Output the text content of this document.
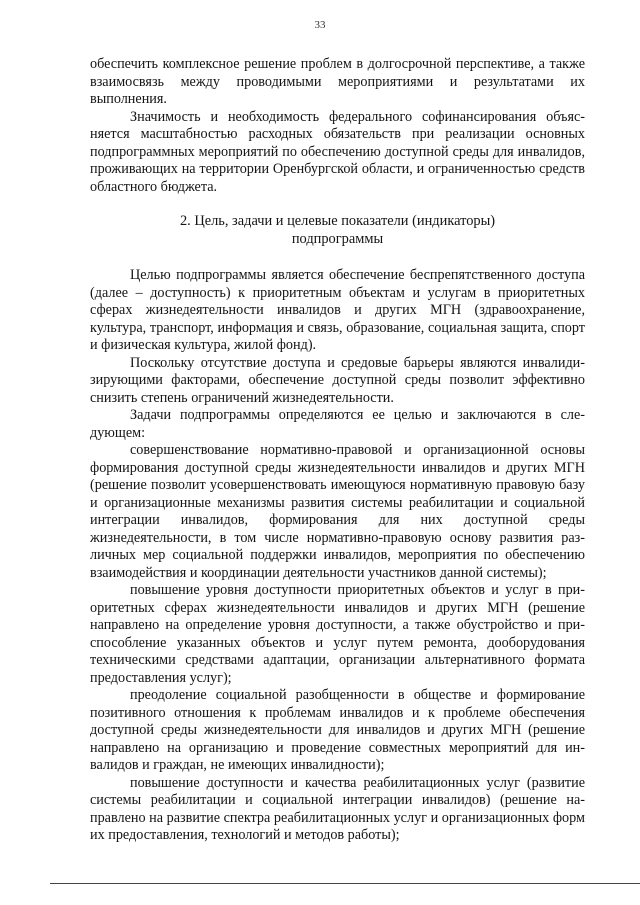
33

обеспечить комплексное решение проблем в долгосрочной перспективе, а также взаимосвязь между проводимыми мероприятиями и результатами их выполнения.

Значимость и необходимость федерального софинансирования объясняется масштабностью расходных обязательств при реализации основных подпрограммных мероприятий по обеспечению доступной среды для инвалидов, проживающих на территории Оренбургской области, и ограниченностью средств областного бюджета.

2. Цель, задачи и целевые показатели (индикаторы)
подпрограммы

Целью подпрограммы является обеспечение беспрепятственного доступа (далее – доступность) к приоритетным объектам и услугам в приоритетных сферах жизнедеятельности инвалидов и других МГН (здравоохранение, культура, транспорт, информация и связь, образование, социальная защита, спорт и физическая культура, жилой фонд).

Поскольку отсутствие доступа и средовые барьеры являются инвалидизирующими факторами, обеспечение доступной среды позволит эффективно снизить степень ограничений жизнедеятельности.

Задачи подпрограммы определяются ее целью и заключаются в следующем:

совершенствование нормативно-правовой и организационной основы формирования доступной среды жизнедеятельности инвалидов и других МГН (решение позволит усовершенствовать имеющуюся нормативную правовую базу и организационные механизмы развития системы реабилитации и социальной интеграции инвалидов, формирования для них доступной среды жизнедеятельности, в том числе нормативно-правовую основу развития различных мер социальной поддержки инвалидов, мероприятия по обеспечению взаимодействия и координации деятельности участников данной системы);

повышение уровня доступности приоритетных объектов и услуг в приоритетных сферах жизнедеятельности инвалидов и других МГН (решение направлено на определение уровня доступности, а также обустройство и приспособление указанных объектов и услуг путем ремонта, дооборудования техническими средствами адаптации, организации альтернативного формата предоставления услуг);

преодоление социальной разобщенности в обществе и формирование позитивного отношения к проблемам инвалидов и к проблеме обеспечения доступной среды жизнедеятельности для инвалидов и других МГН (решение направлено на организацию и проведение совместных мероприятий для инвалидов и граждан, не имеющих инвалидности);

повышение доступности и качества реабилитационных услуг (развитие системы реабилитации и социальной интеграции инвалидов) (решение направлено на развитие спектра реабилитационных услуг и организационных форм их предоставления, технологий и методов работы);
